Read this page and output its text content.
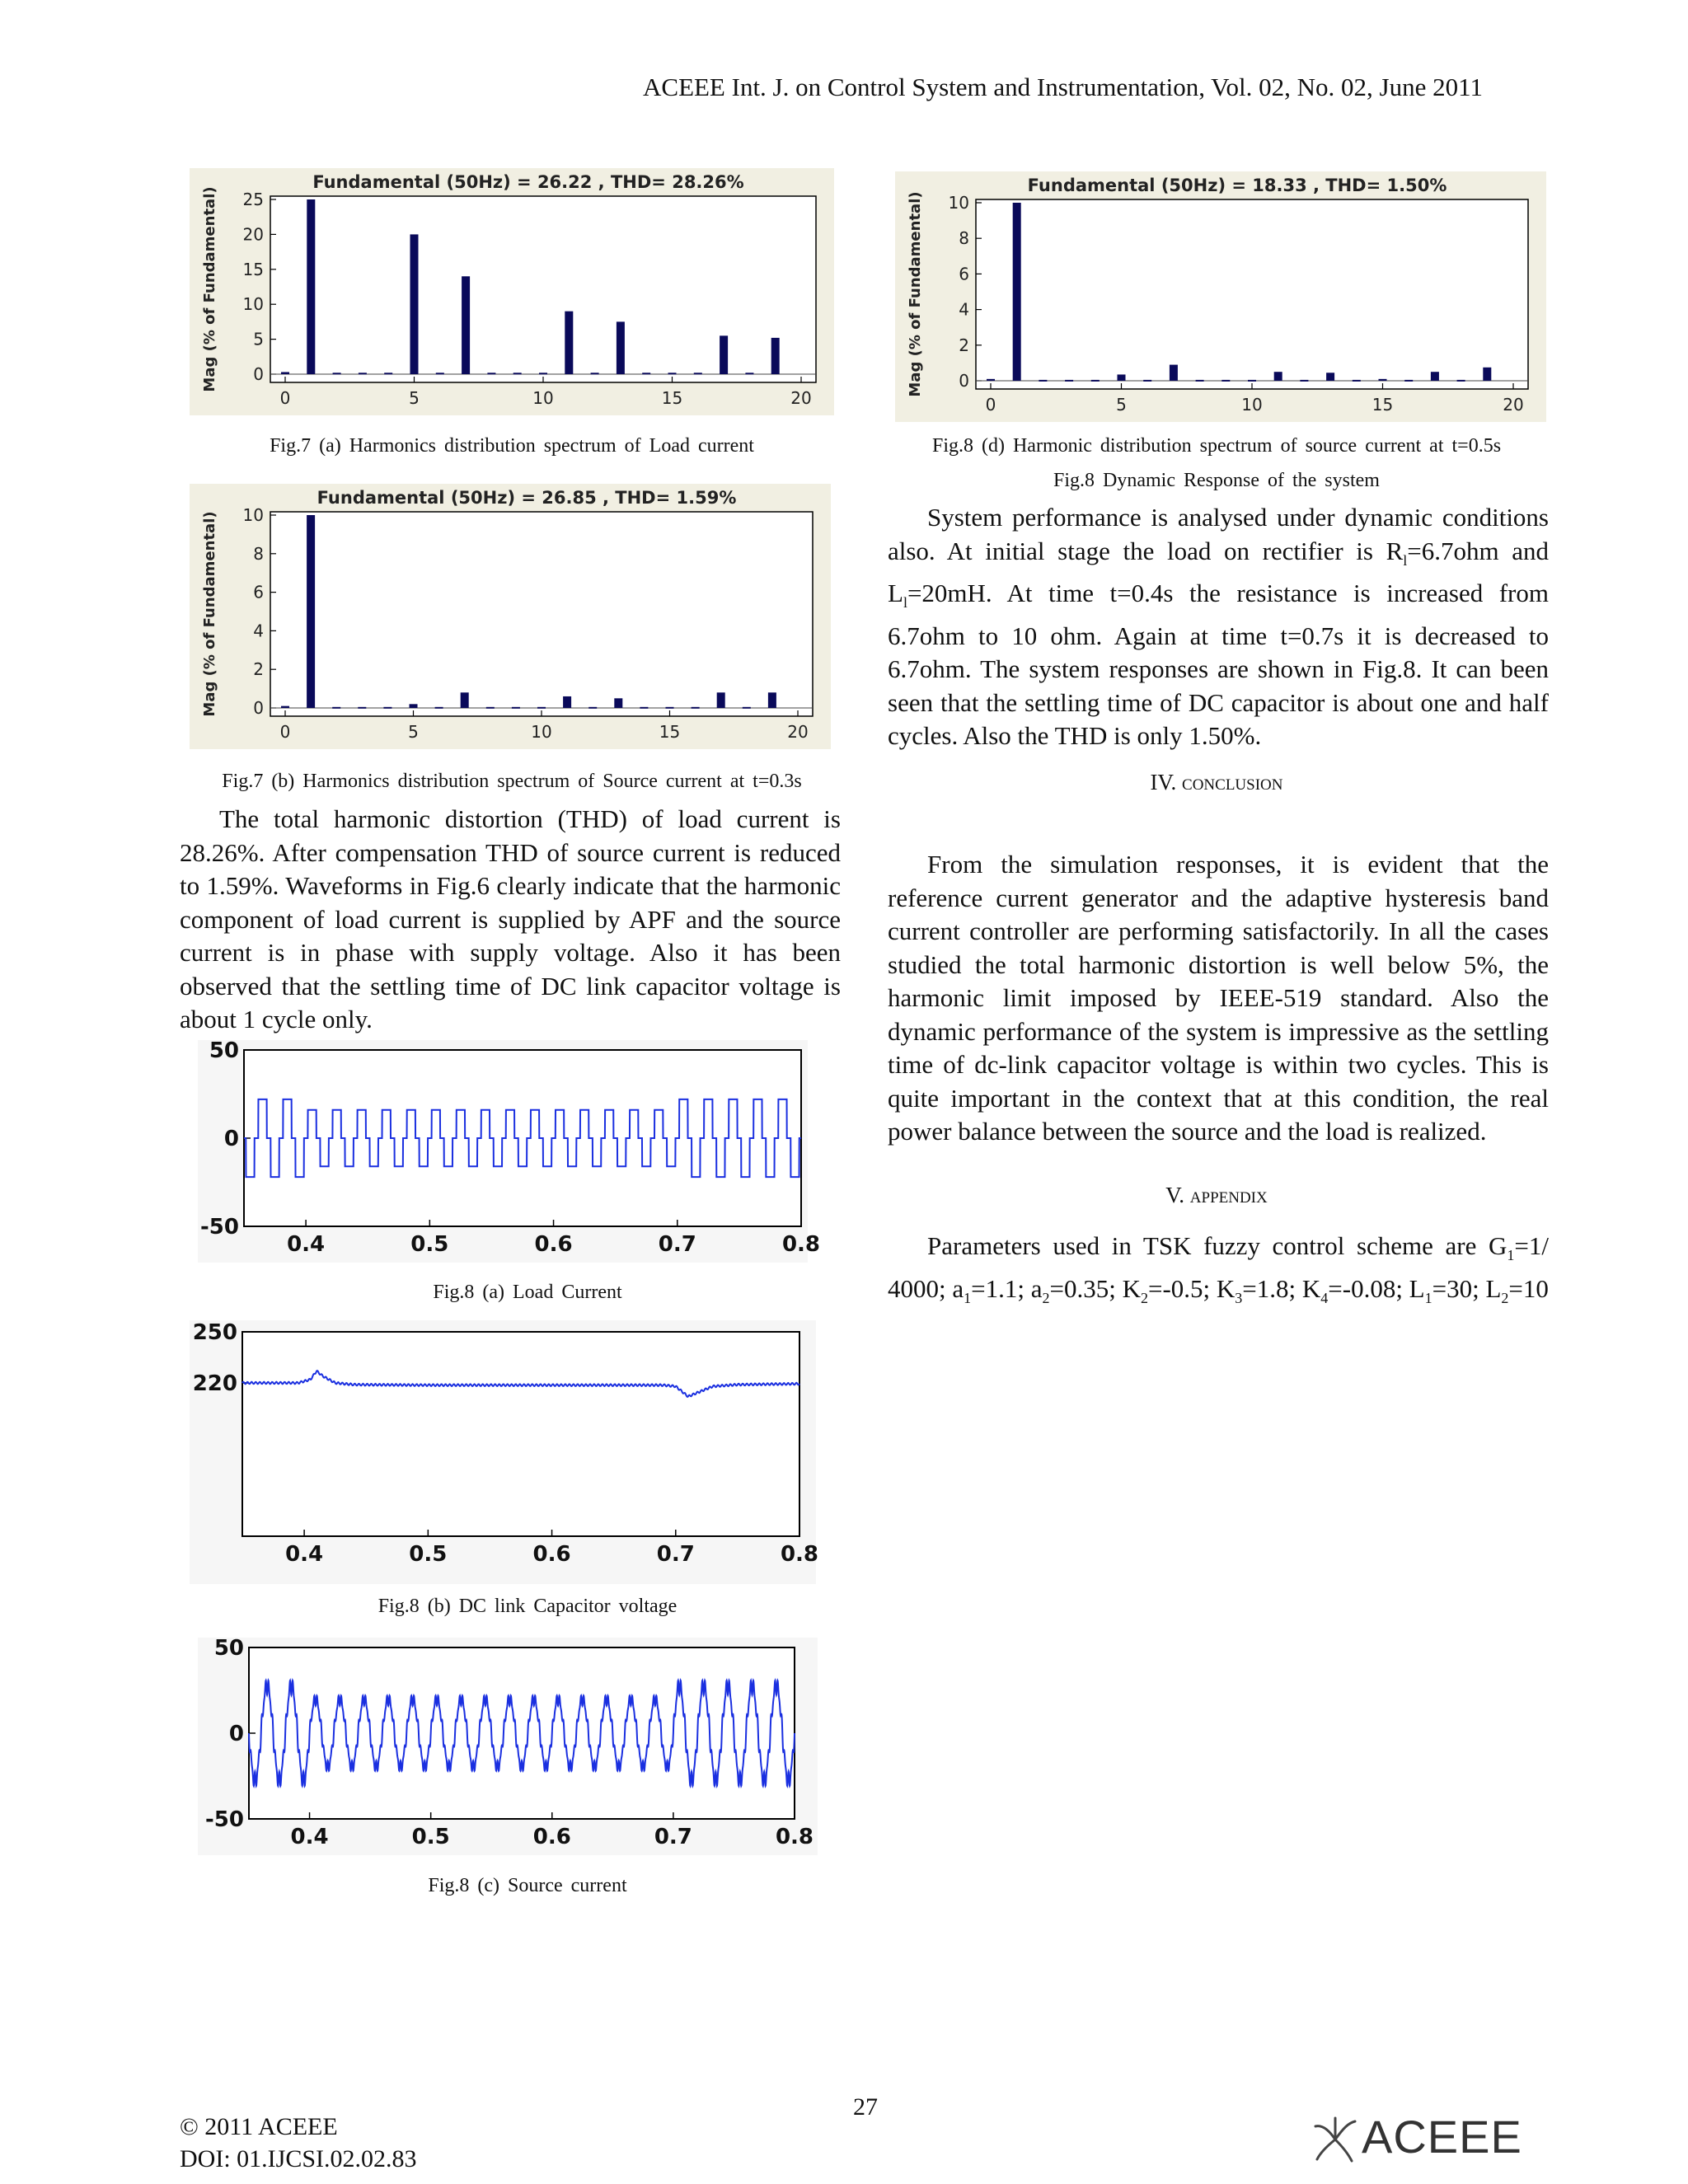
ACEEE Int. J. on Control System and Instrumentation, Vol. 02, No. 02, June 2011
Fundamental (50Hz) = 26.22 , THD= 28.26%
Mag (% of Fundamental) 0
5
10
15
20
25
0	5	10	15	20
Fig.7 (a) Harmonics distribution spectrum of Load current
Fundamental (50Hz) = 26.85 , THD= 1.59%
Mag (% of Fundamental) 0
2
4
6
8
10
0	5	10	15	20
Fig.7 (b) Harmonics distribution spectrum of Source current at t=0.3s
The total harmonic distortion (THD) of load current is 28.26%. After compensation THD of source current is reduced to 1.59%. Waveforms in Fig.6 clearly indicate that the harmonic component of load current is supplied by APF and the source current is in phase with supply voltage. Also it has been observed that the settling time of DC link capacitor voltage is about 1 cycle only.
-50
0
50
0.4	0.5	0.6	0.7	0.8
Fig.8 (a) Load Current
220
250
0.4	0.5	0.6	0.7	0.8
Fig.8 (b) DC link Capacitor voltage
-50
0
50
0.4	0.5	0.6	0.7	0.8
Fig.8 (c) Source current
Fundamental (50Hz) = 18.33 , THD= 1.50%
Mag (% of Fundamental) 0
2
4
6
8
10
0	5	10	15	20
Fig.8 (d) Harmonic distribution spectrum of source current at t=0.5s
Fig.8 Dynamic Response of the system
System performance is analysed under dynamic conditions also. At initial stage the load on rectifier is $R_l=6.7ohm$ and $L_l=20mH$. At time t=0.4s the resistance is increased from 6.7ohm to 10 ohm. Again at time t=0.7s it is decreased to 6.7ohm. The system responses are shown in Fig.8. It can been seen that the settling time of DC capacitor is about one and half cycles. Also the THD is only 1.50%.
IV. conclusion
From the simulation responses, it is evident that the reference current generator and the adaptive hysteresis band current controller are performing satisfactorily. In all the cases studied the total harmonic distortion is well below 5%, the harmonic limit imposed by IEEE-519 standard. Also the dynamic performance of the system is impressive as the settling time of dc-link capacitor voltage is within two cycles. This is quite important in the context that at this condition, the real power balance between the source and the load is realized.
V. appendix
Parameters used in TSK fuzzy control scheme are $G_1=1/$ 4000; $a_1=1.1$; $a_2=0.35$; $K_2=-0.5$; $K_3=1.8$; $K_4=-0.08$; $L_1=30$; $L_2=10$
27
© 2011 ACEEE
DOI: 01.IJCSI.02.02.83	ACEEE
